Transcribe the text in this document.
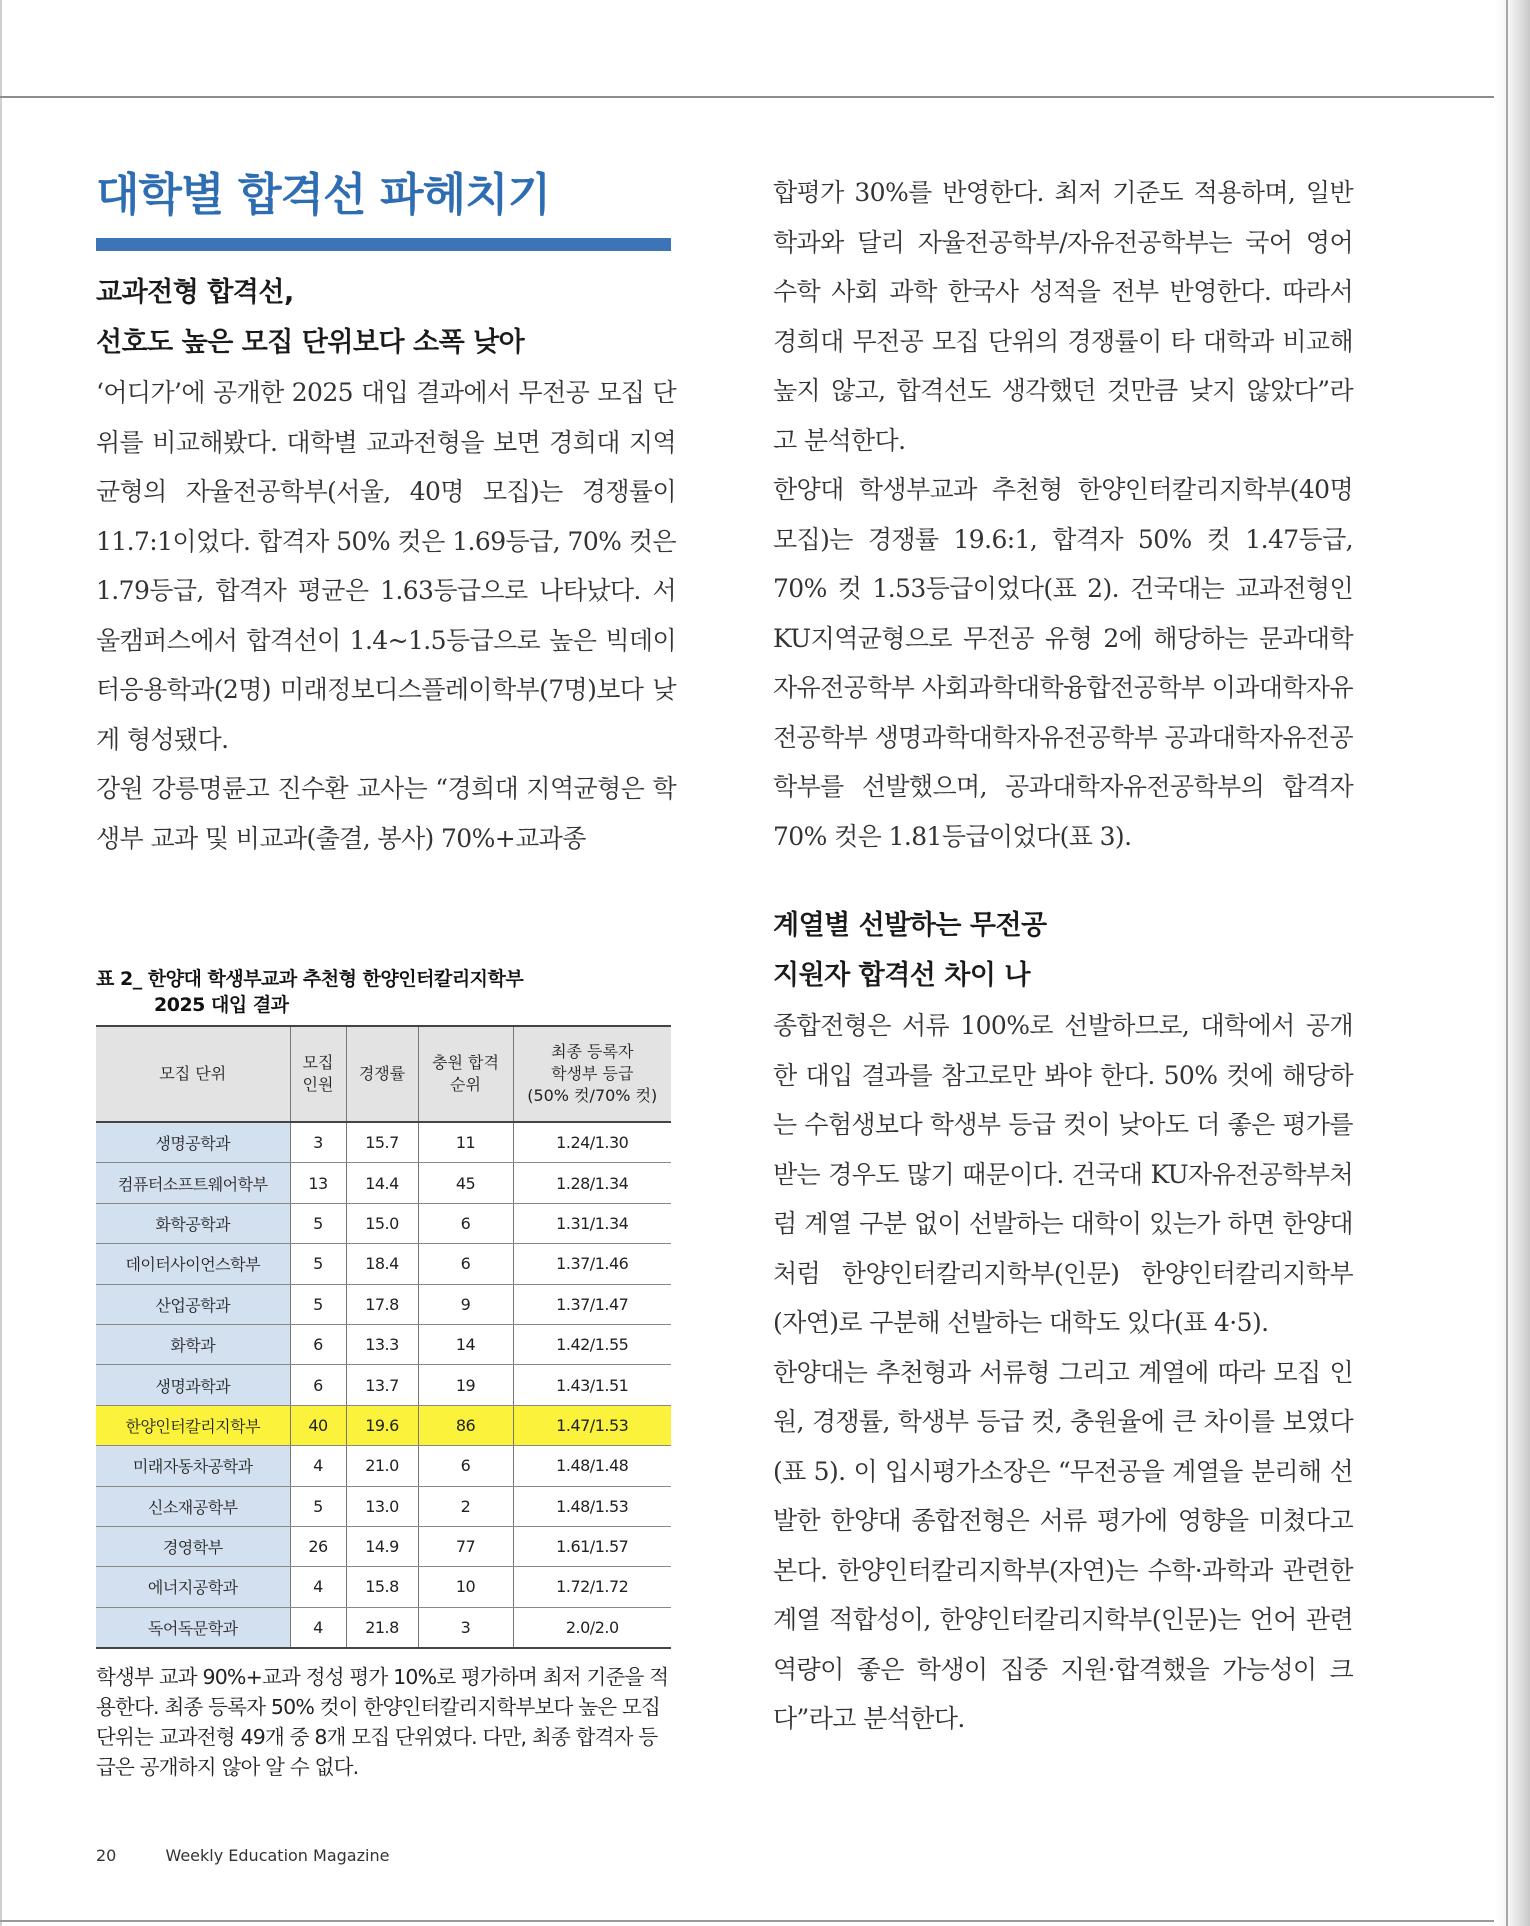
대학별 합격선 파헤치기

교과전형 합격선,

선호도 높은 모집 단위보다 소폭 낮아

‘어디가’에 공개한 2025 대입 결과에서 무전공 모집 단위를 비교해봤다. 대학별 교과전형을 보면 경희대 지역균형의 자율전공학부(서울, 40명 모집)는 경쟁률이 11.7:1이었다. 합격자 50% 컷은 1.69등급, 70% 컷은 1.79등급, 합격자 평균은 1.63등급으로 나타났다. 서울캠퍼스에서 합격선이 1.4~1.5등급으로 높은 빅데이터응용학과(2명) 미래정보디스플레이학부(7명)보다 낮게 형성됐다.

강원 강릉명륜고 진수환 교사는 “경희대 지역균형은 학생부 교과 및 비교과(출결, 봉사) 70%+교과종

합평가 30%를 반영한다. 최저 기준도 적용하며, 일반학과와 달리 자율전공학부/자유전공학부는 국어 영어 수학 사회 과학 한국사 성적을 전부 반영한다. 따라서 경희대 무전공 모집 단위의 경쟁률이 타 대학과 비교해 높지 않고, 합격선도 생각했던 것만큼 낮지 않았다”라고 분석한다.

한양대 학생부교과 추천형 한양인터칼리지학부(40명 모집)는 경쟁률 19.6:1, 합격자 50% 컷 1.47등급, 70% 컷 1.53등급이었다(표 2). 건국대는 교과전형인 KU지역균형으로 무전공 유형 2에 해당하는 문과대학자유전공학부 사회과학대학융합전공학부 이과대학자유전공학부 생명과학대학자유전공학부 공과대학자유전공학부를 선발했으며, 공과대학자유전공학부의 합격자 70% 컷은 1.81등급이었다(표 3).

계열별 선발하는 무전공

지원자 합격선 차이 나

종합전형은 서류 100%로 선발하므로, 대학에서 공개한 대입 결과를 참고로만 봐야 한다. 50% 컷에 해당하는 수험생보다 학생부 등급 컷이 낮아도 더 좋은 평가를 받는 경우도 많기 때문이다. 건국대 KU자유전공학부처럼 계열 구분 없이 선발하는 대학이 있는가 하면 한양대처럼 한양인터칼리지학부(인문) 한양인터칼리지학부(자연)로 구분해 선발하는 대학도 있다(표 4·5).

한양대는 추천형과 서류형 그리고 계열에 따라 모집 인원, 경쟁률, 학생부 등급 컷, 충원율에 큰 차이를 보였다(표 5). 이 입시평가소장은 “무전공을 계열을 분리해 선발한 한양대 종합전형은 서류 평가에 영향을 미쳤다고 본다. 한양인터칼리지학부(자연)는 수학·과학과 관련한 계열 적합성이, 한양인터칼리지학부(인문)는 언어 관련 역량이 좋은 학생이 집중 지원·합격했을 가능성이 크다”라고 분석한다.

표 2_ 한양대 학생부교과 추천형 한양인터칼리지학부
2025 대입 결과
모집 단위	모집
인원	경쟁률	충원 합격
순위	최종 등록자
학생부 등급
(50% 컷/70% 컷)
생명공학과	3	15.7	11	1.24/1.30
컴퓨터소프트웨어학부	13	14.4	45	1.28/1.34
화학공학과	5	15.0	6	1.31/1.34
데이터사이언스학부	5	18.4	6	1.37/1.46
산업공학과	5	17.8	9	1.37/1.47
화학과	6	13.3	14	1.42/1.55
생명과학과	6	13.7	19	1.43/1.51
한양인터칼리지학부	40	19.6	86	1.47/1.53
미래자동차공학과	4	21.0	6	1.48/1.48
신소재공학부	5	13.0	2	1.48/1.53
경영학부	26	14.9	77	1.61/1.57
에너지공학과	4	15.8	10	1.72/1.72
독어독문학과	4	21.8	3	2.0/2.0

학생부 교과 90%+교과 정성 평가 10%로 평가하며 최저 기준을 적용한다. 최종 등록자 50% 컷이 한양인터칼리지학부보다 높은 모집 단위는 교과전형 49개 중 8개 모집 단위였다. 다만, 최종 합격자 등급은 공개하지 않아 알 수 없다.

20	Weekly Education Magazine
